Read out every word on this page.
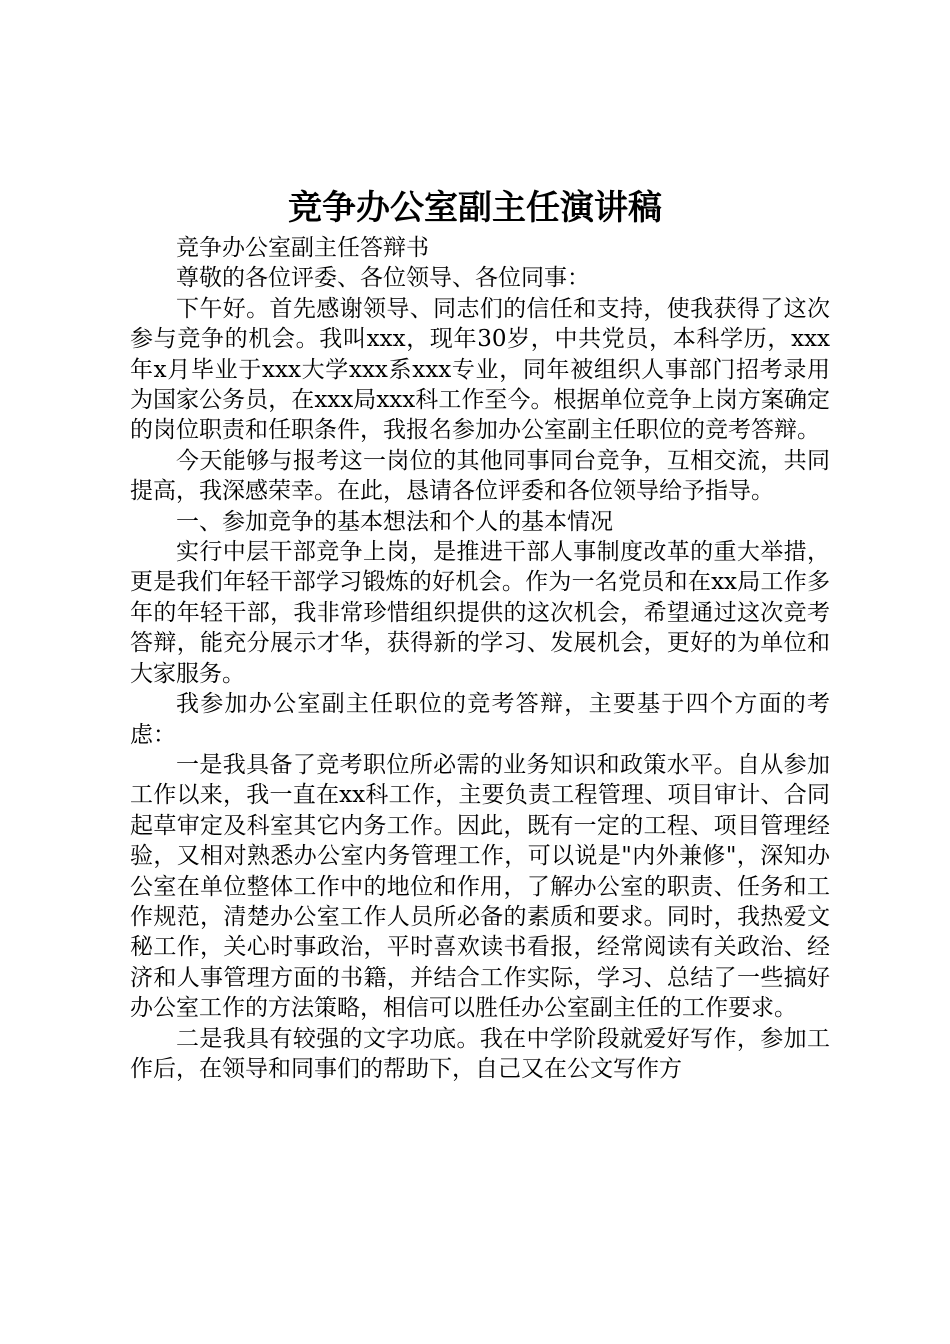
竞争办公室副主任演讲稿

竞争办公室副主任答辩书

尊敬的各位评委、各位领导、各位同事：

下午好。首先感谢领导、同志们的信任和支持，使我获得了这次参与竞争的机会。我叫xxx，现年30岁，中共党员，本科学历，xxx年x月毕业于xxx大学xxx系xxx专业，同年被组织人事部门招考录用为国家公务员，在xxx局xxx科工作至今。根据单位竞争上岗方案确定的岗位职责和任职条件，我报名参加办公室副主任职位的竞考答辩。

今天能够与报考这一岗位的其他同事同台竞争，互相交流，共同提高，我深感荣幸。在此，恳请各位评委和各位领导给予指导。

一、参加竞争的基本想法和个人的基本情况

实行中层干部竞争上岗，是推进干部人事制度改革的重大举措，更是我们年轻干部学习锻炼的好机会。作为一名党员和在xx局工作多年的年轻干部，我非常珍惜组织提供的这次机会，希望通过这次竞考答辩，能充分展示才华，获得新的学习、发展机会，更好的为单位和大家服务。

我参加办公室副主任职位的竞考答辩，主要基于四个方面的考虑：

一是我具备了竞考职位所必需的业务知识和政策水平。自从参加工作以来，我一直在xx科工作，主要负责工程管理、项目审计、合同起草审定及科室其它内务工作。因此，既有一定的工程、项目管理经验，又相对熟悉办公室内务管理工作，可以说是"内外兼修"，深知办公室在单位整体工作中的地位和作用，了解办公室的职责、任务和工作规范，清楚办公室工作人员所必备的素质和要求。同时，我热爱文秘工作，关心时事政治，平时喜欢读书看报，经常阅读有关政治、经济和人事管理方面的书籍，并结合工作实际，学习、总结了一些搞好办公室工作的方法策略，相信可以胜任办公室副主任的工作要求。

二是我具有较强的文字功底。我在中学阶段就爱好写作，参加工作后，在领导和同事们的帮助下，自己又在公文写作方
